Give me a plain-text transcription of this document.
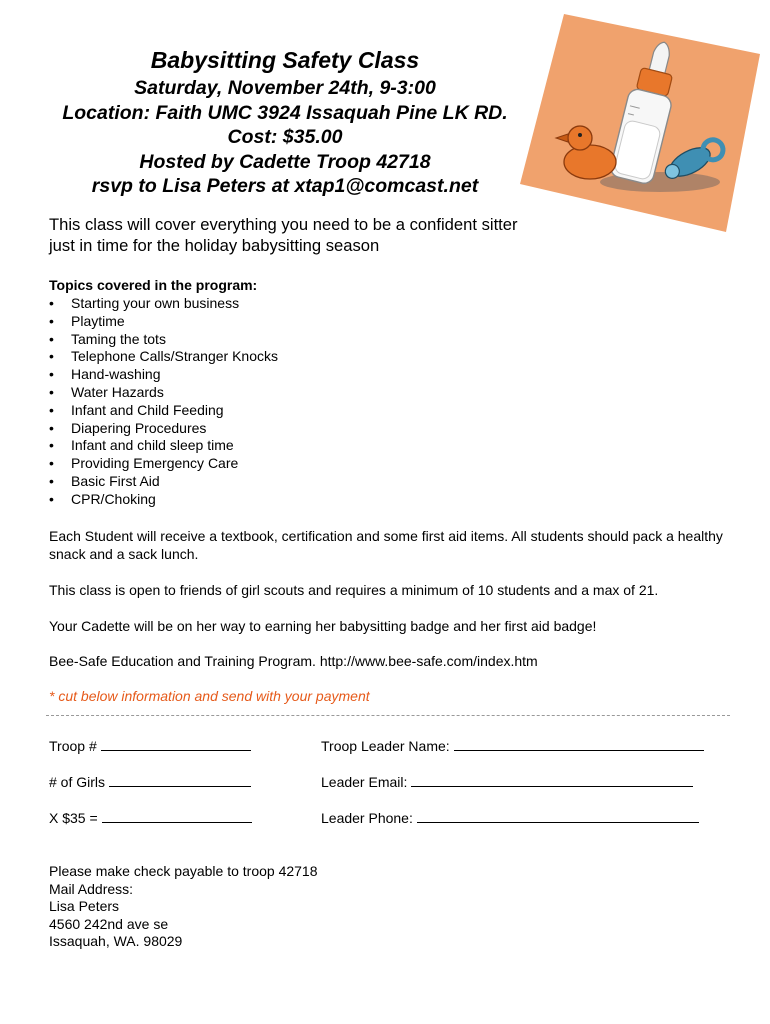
Babysitting Safety Class
Saturday, November 24th, 9-3:00
Location: Faith UMC 3924 Issaquah Pine LK RD.
Cost: $35.00
Hosted by Cadette Troop 42718
rsvp to Lisa Peters at xtap1@comcast.net
This class will cover everything you need to be a confident sitter just in time for the holiday babysitting season
Topics covered in the program:
• Starting your own business
• Playtime
• Taming the tots
• Telephone Calls/Stranger Knocks
• Hand-washing
• Water Hazards
• Infant and Child Feeding
• Diapering Procedures
• Infant and child sleep time
• Providing Emergency Care
• Basic First Aid
• CPR/Choking
Each Student will receive a textbook, certification and some first aid items. All students should pack a healthy snack and a sack lunch.
This class is open to friends of girl scouts and requires a minimum of 10 students and a max of 21.
Your Cadette will be on her way to earning her babysitting badge and her first aid badge!
Bee-Safe Education and Training Program. http://www.bee-safe.com/index.htm
* cut below information and send with your payment
Troop #
# of Girls
X $35 =
Troop Leader Name:
Leader Email:
Leader Phone:
Please make check payable to troop 42718
Mail Address:
Lisa Peters
4560 242nd ave se
Issaquah, WA. 98029
